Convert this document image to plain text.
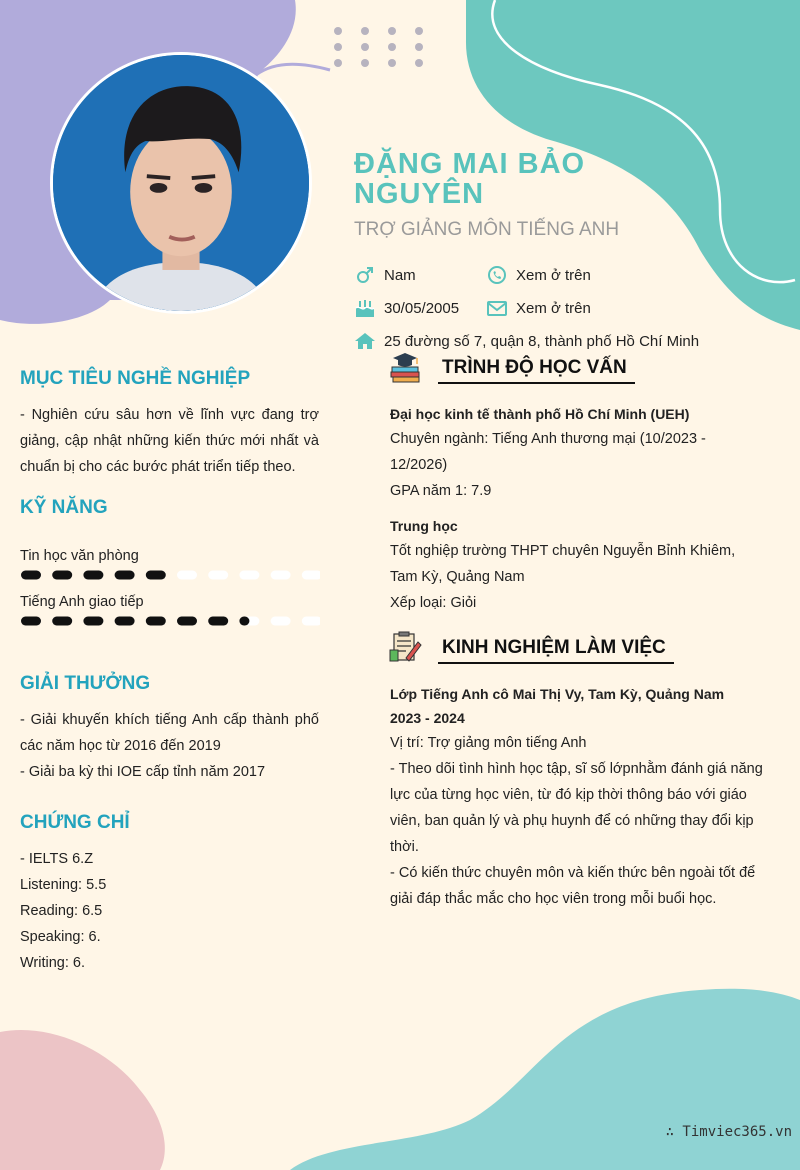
ĐẶNG MAI BẢO NGUYÊN
TRỢ GIẢNG MÔN TIẾNG ANH
Nam	Xem ở trên
30/05/2005	Xem ở trên
25 đường số 7, quận 8, thành phố Hồ Chí Minh
MỤC TIÊU NGHỀ NGHIỆP
- Nghiên cứu sâu hơn về lĩnh vực đang trợ giảng, cập nhật những kiến thức mới nhất và chuẩn bị cho các bước phát triển tiếp theo.
KỸ NĂNG
Tin học văn phòng
Tiếng Anh giao tiếp
GIẢI THƯỞNG
- Giải khuyến khích tiếng Anh cấp thành phố các năm học từ 2016 đến 2019
- Giải ba kỳ thi IOE cấp tỉnh năm 2017
CHỨNG CHỈ
- IELTS 6.Z
Listening: 5.5
Reading: 6.5
Speaking: 6.
Writing: 6.
TRÌNH ĐỘ HỌC VẤN
Đại học kinh tế thành phố Hồ Chí Minh (UEH)
Chuyên ngành: Tiếng Anh thương mại (10/2023 - 12/2026)
GPA năm 1: 7.9
Trung học
Tốt nghiệp trường THPT chuyên Nguyễn Bỉnh Khiêm, Tam Kỳ, Quảng Nam
Xếp loại: Giỏi
KINH NGHIỆM LÀM VIỆC
Lớp Tiếng Anh cô Mai Thị Vy, Tam Kỳ, Quảng Nam
2023 - 2024
Vị trí: Trợ giảng môn tiếng Anh
- Theo dõi tình hình học tập, sĩ số lớpnhằm đánh giá năng lực của từng học viên, từ đó kịp thời thông báo với giáo viên, ban quản lý và phụ huynh để có những thay đổi kịp thời.
- Có kiến thức chuyên môn và kiến thức bên ngoài tốt để giải đáp thắc mắc cho học viên trong mỗi buổi học.
∴ Timviec365.vn
